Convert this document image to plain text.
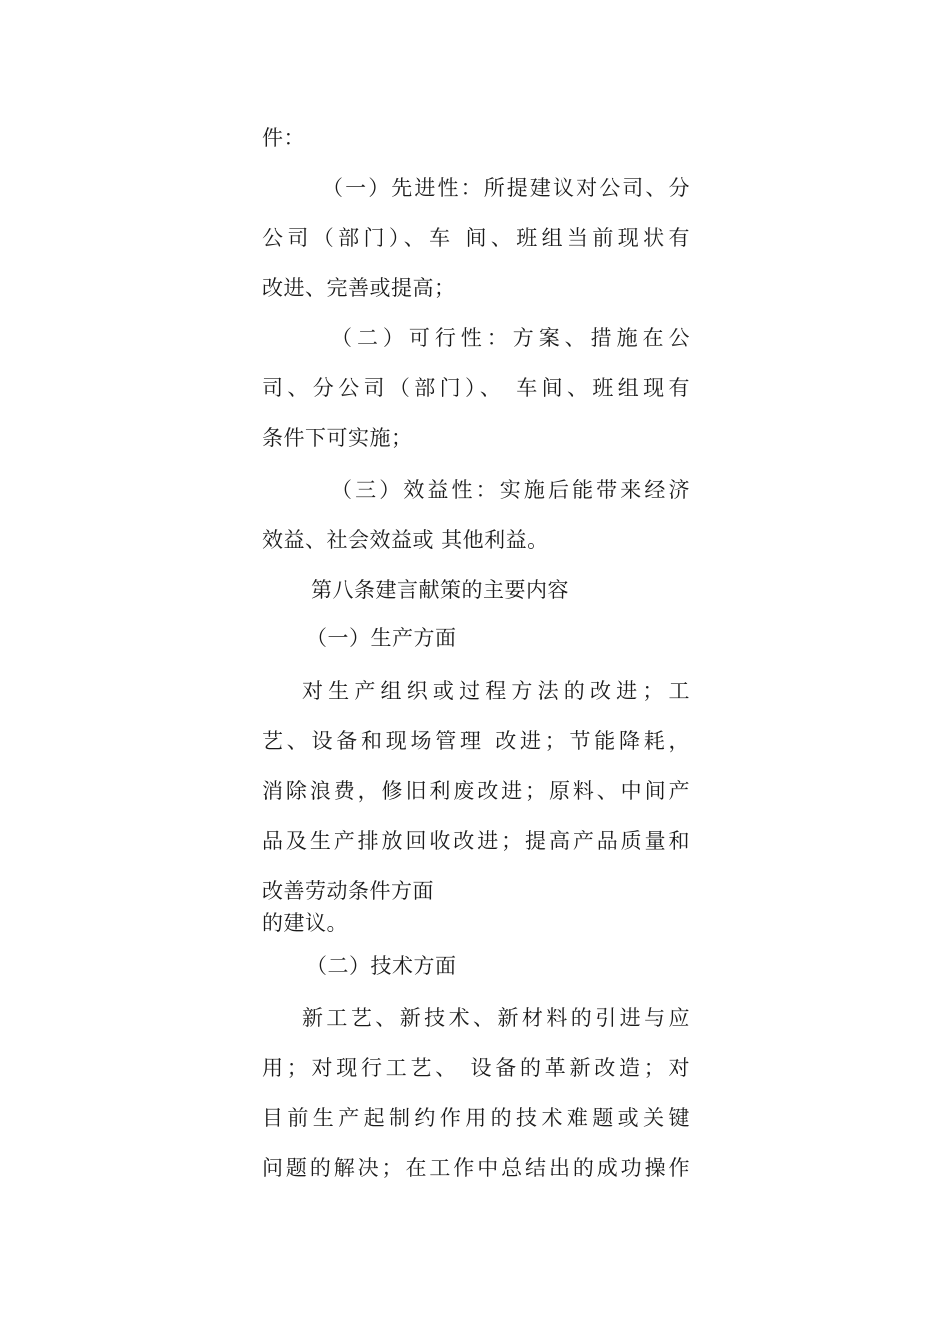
件：
（一）先进性：所提建议对公司、分
公司（部门）、车 间、班组当前现状有
改进、完善或提高；
（二）可行性：方案、措施在公
司、分公司（部门）、 车间、班组现有
条件下可实施；
（三）效益性：实施后能带来经济
效益、社会效益或 其他利益。
第八条建言献策的主要内容
（一）生产方面
对生产组织或过程方法的改进；工
艺、设备和现场管理 改进；节能降耗，
消除浪费，修旧利废改进；原料、中间产
品及生产排放回收改进；提高产品质量和
改善劳动条件方面
的建议。
（二）技术方面
新工艺、新技术、新材料的引进与应
用；对现行工艺、 设备的革新改造；对
目前生产起制约作用的技术难题或关键
问题的解决；在工作中总结出的成功操作
